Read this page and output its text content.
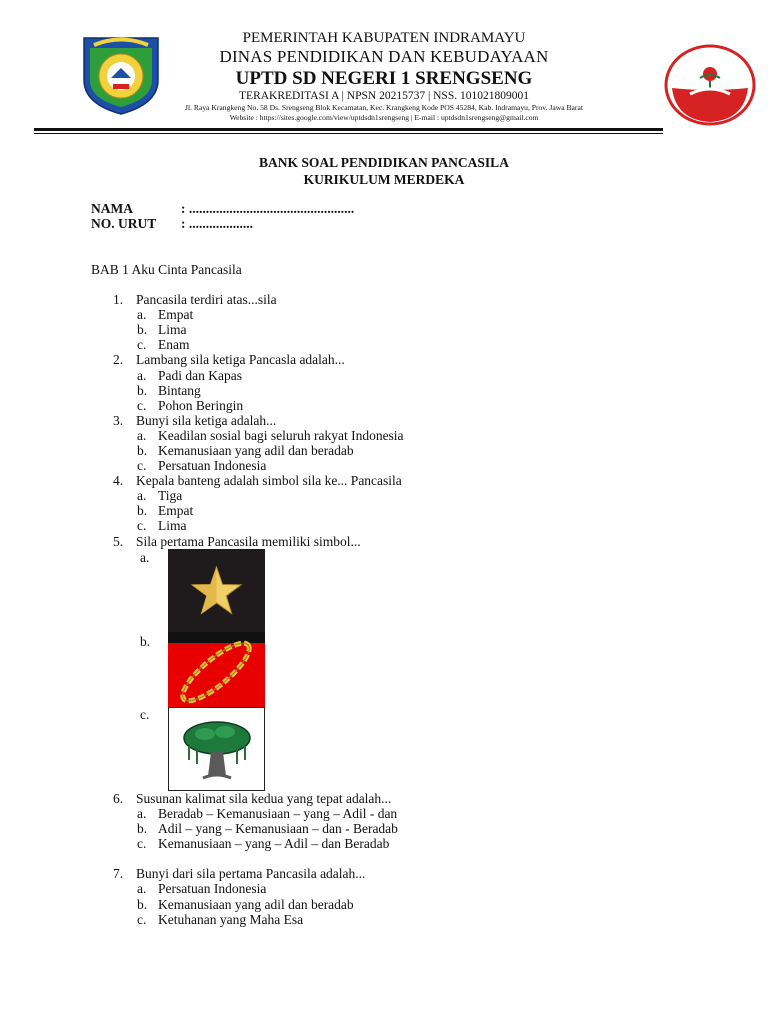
PEMERINTAH KABUPATEN INDRAMAYU
DINAS PENDIDIKAN DAN KEBUDAYAAN
UPTD SD NEGERI 1 SRENGSENG
TERAKREDITASI A | NPSN 20215737 | NSS. 101021809001
Jl. Raya Krangkeng No. 58 Ds. Srengseng Blok Kecamatan, Kec. Krangkeng Kode POS 45284, Kab. Indramayu, Prov. Jawa Barat
Website : https://sites.google.com/view/uptdsdn1srengseng | E-mail : uptdsdn1srengseng@gmail.com
BANK SOAL PENDIDIKAN PANCASILA
KURIKULUM MERDEKA
NAMA	: .................................................
NO. URUT : ...................
BAB 1 Aku Cinta Pancasila
1. Pancasila terdiri atas...sila
a. Empat
b. Lima
c. Enam
2. Lambang sila ketiga Pancasla adalah...
a. Padi dan Kapas
b. Bintang
c. Pohon Beringin
3. Bunyi sila ketiga adalah...
a. Keadilan sosial bagi seluruh rakyat Indonesia
b. Kemanusiaan yang adil dan beradab
c. Persatuan Indonesia
4. Kepala banteng adalah simbol sila ke... Pancasila
a. Tiga
b. Empat
c. Lima
5. Sila pertama Pancasila memiliki simbol...
a.
b.
c.
6. Susunan kalimat sila kedua yang tepat adalah...
a. Beradab – Kemanusiaan – yang – Adil - dan
b. Adil – yang – Kemanusiaan – dan - Beradab
c. Kemanusiaan – yang – Adil – dan Beradab
7. Bunyi dari sila pertama Pancasila adalah...
a. Persatuan Indonesia
b. Kemanusiaan yang adil dan beradab
c. Ketuhanan yang Maha Esa
